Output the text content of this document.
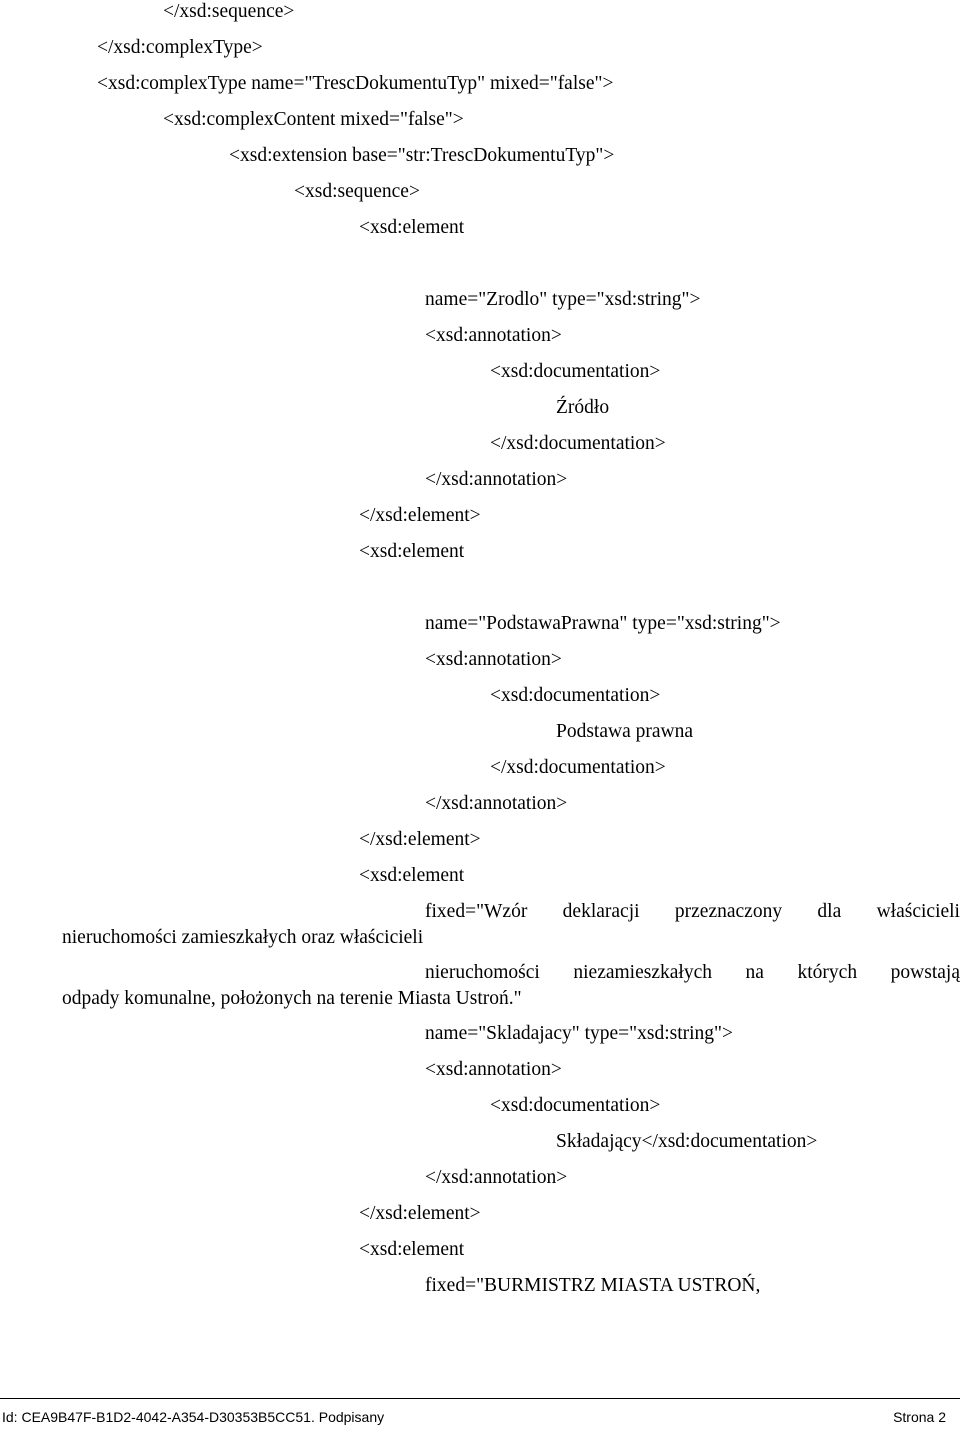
</xsd:sequence>

</xsd:complexType>

<xsd:complexType name="TrescDokumentuTyp" mixed="false">

<xsd:complexContent mixed="false">

<xsd:extension base="str:TrescDokumentuTyp">

<xsd:sequence>

<xsd:element

name="Zrodlo" type="xsd:string">

<xsd:annotation>

<xsd:documentation>

Źródło

</xsd:documentation>

</xsd:annotation>

</xsd:element>

<xsd:element

name="PodstawaPrawna" type="xsd:string">

<xsd:annotation>

<xsd:documentation>

Podstawa prawna

</xsd:documentation>

</xsd:annotation>

</xsd:element>

<xsd:element

fixed="Wzór deklaracji przeznaczony dla właścicieli

nieruchomości zamieszkałych oraz właścicieli

nieruchomości niezamieszkałych na których powstają

odpady komunalne, położonych na terenie Miasta Ustroń."

name="Skladajacy" type="xsd:string">

<xsd:annotation>

<xsd:documentation>

Składający</xsd:documentation>

</xsd:annotation>

</xsd:element>

<xsd:element

fixed="BURMISTRZ MIASTA USTROŃ,

Id: CEA9B47F-B1D2-4042-A354-D30353B5CC51. Podpisany	Strona 2
